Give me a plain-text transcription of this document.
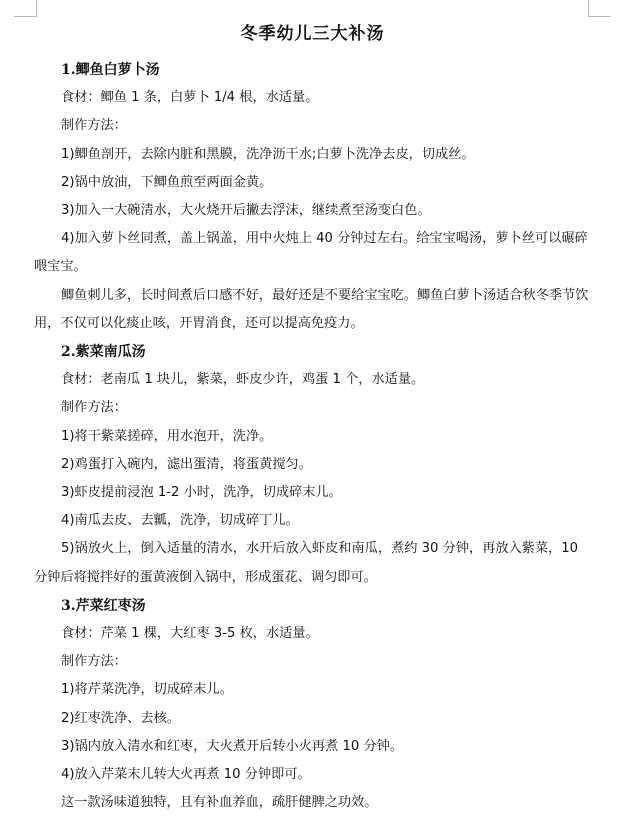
冬季幼儿三大补汤

1.鲫鱼白萝卜汤

食材：鲫鱼 1 条，白萝卜 1/4 根，水适量。

制作方法：

1)鲫鱼剖开，去除内脏和黑膜，洗净沥干水;白萝卜洗净去皮，切成丝。

2)锅中放油，下鲫鱼煎至两面金黄。

3)加入一大碗清水，大火烧开后撇去浮沫，继续煮至汤变白色。

4)加入萝卜丝同煮，盖上锅盖，用中火炖上 40 分钟过左右。给宝宝喝汤，萝卜丝可以碾碎喂宝宝。

鲫鱼刺儿多，长时间煮后口感不好，最好还是不要给宝宝吃。鲫鱼白萝卜汤适合秋冬季节饮用，不仅可以化痰止咳，开胃消食，还可以提高免疫力。

2.紫菜南瓜汤

食材：老南瓜 1 块儿，紫菜，虾皮少许，鸡蛋 1 个，水适量。

制作方法：

1)将干紫菜搓碎，用水泡开，洗净。

2)鸡蛋打入碗内，滤出蛋清，将蛋黄搅匀。

3)虾皮提前浸泡 1-2 小时，洗净，切成碎末儿。

4)南瓜去皮、去瓤，洗净，切成碎丁儿。

5)锅放火上，倒入适量的清水，水开后放入虾皮和南瓜，煮约 30 分钟，再放入紫菜，10 分钟后将搅拌好的蛋黄液倒入锅中，形成蛋花、调匀即可。

3.芹菜红枣汤

食材：芹菜 1 棵，大红枣 3-5 枚，水适量。

制作方法：

1)将芹菜洗净，切成碎末儿。

2)红枣洗净、去核。

3)锅内放入清水和红枣，大火煮开后转小火再煮 10 分钟。

4)放入芹菜末儿转大火再煮 10 分钟即可。

这一款汤味道独特，且有补血养血，疏肝健脾之功效。
